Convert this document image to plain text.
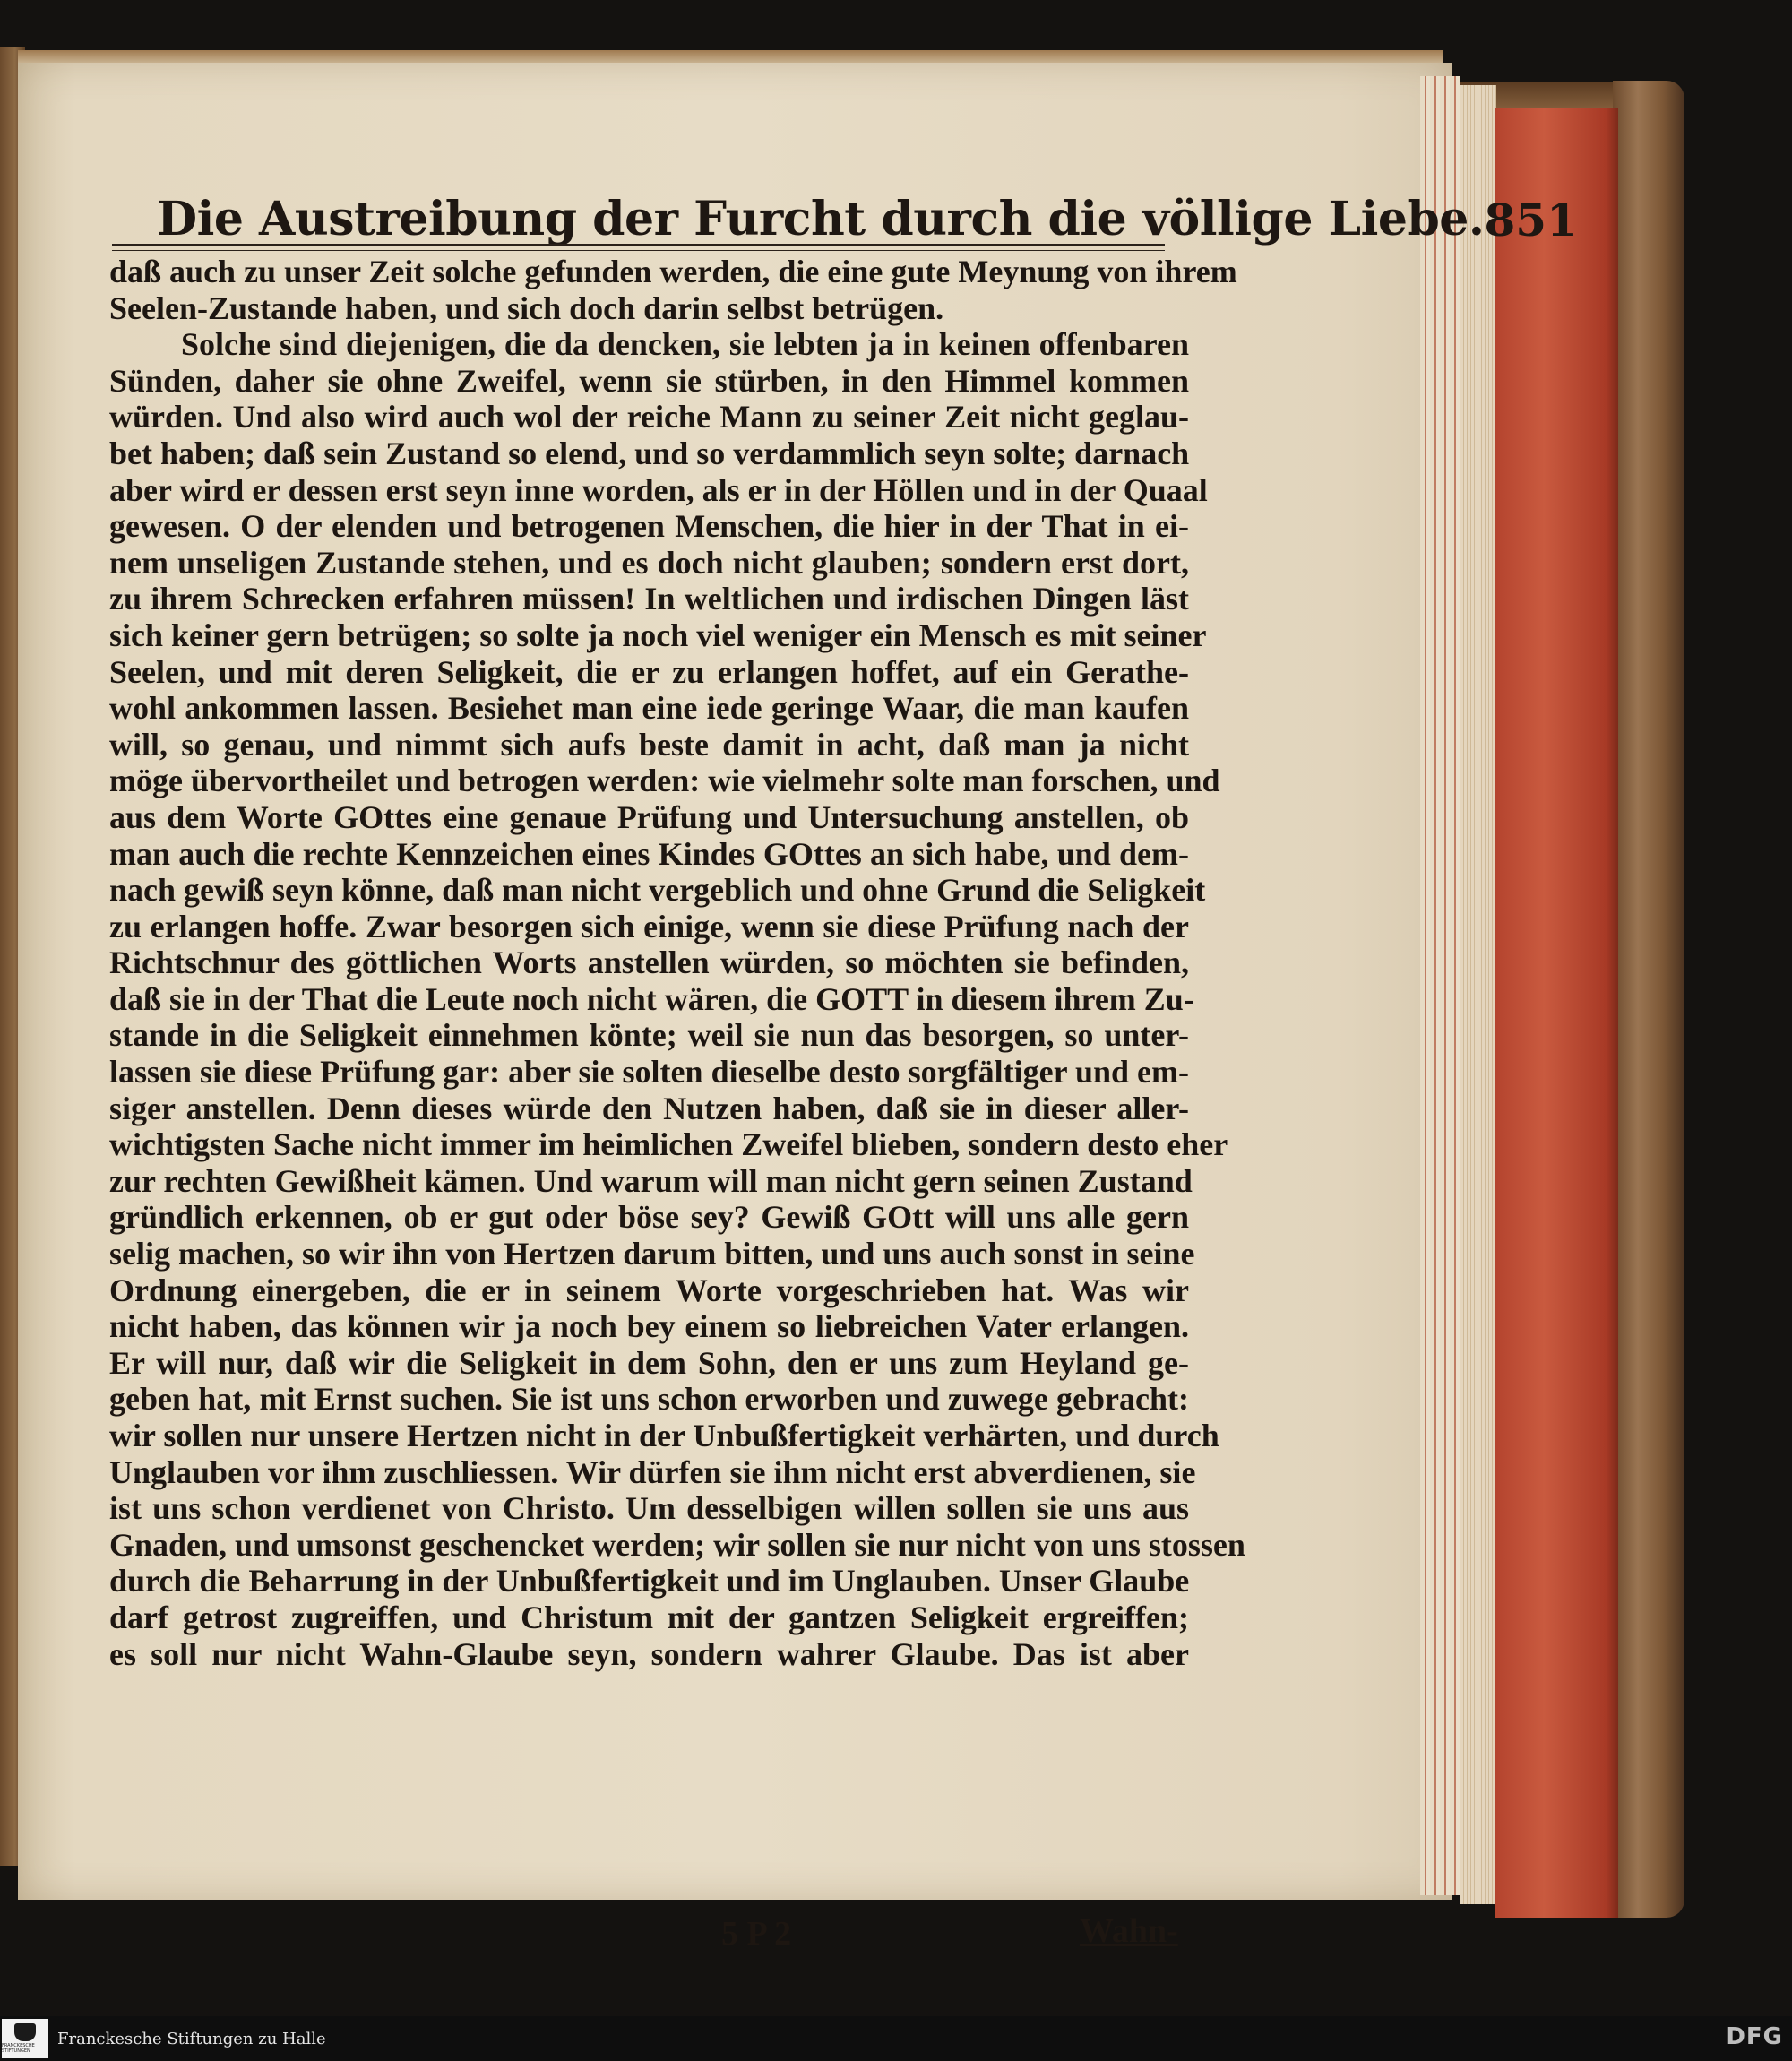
Die Austreibung der Furcht durch die völlige Liebe. 851
daß auch zu unser Zeit solche gefunden werden, die eine gute Meynung von ihrem
Seelen-Zustande haben, und sich doch darin selbst betrügen.
Solche sind diejenigen, die da dencken, sie lebten ja in keinen offenbaren
Sünden, daher sie ohne Zweifel, wenn sie stürben, in den Himmel kommen
würden. Und also wird auch wol der reiche Mann zu seiner Zeit nicht geglau-
bet haben; daß sein Zustand so elend, und so verdammlich seyn solte; darnach
aber wird er dessen erst seyn inne worden, als er in der Höllen und in der Quaal
gewesen. O der elenden und betrogenen Menschen, die hier in der That in ei-
nem unseligen Zustande stehen, und es doch nicht glauben; sondern erst dort,
zu ihrem Schrecken erfahren müssen! In weltlichen und irdischen Dingen läst
sich keiner gern betrügen; so solte ja noch viel weniger ein Mensch es mit seiner
Seelen, und mit deren Seligkeit, die er zu erlangen hoffet, auf ein Gerathe-
wohl ankommen lassen. Besiehet man eine iede geringe Waar, die man kaufen
will, so genau, und nimmt sich aufs beste damit in acht, daß man ja nicht
möge übervortheilet und betrogen werden: wie vielmehr solte man forschen, und
aus dem Worte GOttes eine genaue Prüfung und Untersuchung anstellen, ob
man auch die rechte Kennzeichen eines Kindes GOttes an sich habe, und dem-
nach gewiß seyn könne, daß man nicht vergeblich und ohne Grund die Seligkeit
zu erlangen hoffe. Zwar besorgen sich einige, wenn sie diese Prüfung nach der
Richtschnur des göttlichen Worts anstellen würden, so möchten sie befinden,
daß sie in der That die Leute noch nicht wären, die GOTT in diesem ihrem Zu-
stande in die Seligkeit einnehmen könte; weil sie nun das besorgen, so unter-
lassen sie diese Prüfung gar: aber sie solten dieselbe desto sorgfältiger und em-
siger anstellen. Denn dieses würde den Nutzen haben, daß sie in dieser aller-
wichtigsten Sache nicht immer im heimlichen Zweifel blieben, sondern desto eher
zur rechten Gewißheit kämen. Und warum will man nicht gern seinen Zustand
gründlich erkennen, ob er gut oder böse sey? Gewiß GOtt will uns alle gern
selig machen, so wir ihn von Hertzen darum bitten, und uns auch sonst in seine
Ordnung einergeben, die er in seinem Worte vorgeschrieben hat. Was wir
nicht haben, das können wir ja noch bey einem so liebreichen Vater erlangen.
Er will nur, daß wir die Seligkeit in dem Sohn, den er uns zum Heyland ge-
geben hat, mit Ernst suchen. Sie ist uns schon erworben und zuwege gebracht:
wir sollen nur unsere Hertzen nicht in der Unbußfertigkeit verhärten, und durch
Unglauben vor ihm zuschliessen. Wir dürfen sie ihm nicht erst abverdienen, sie
ist uns schon verdienet von Christo. Um desselbigen willen sollen sie uns aus
Gnaden, und umsonst geschencket werden; wir sollen sie nur nicht von uns stossen
durch die Beharrung in der Unbußfertigkeit und im Unglauben. Unser Glaube
darf getrost zugreiffen, und Christum mit der gantzen Seligkeit ergreiffen;
es soll nur nicht Wahn-Glaube seyn, sondern wahrer Glaube. Das ist aber
5 P 2	Wahn-
FRANCKESCHE STIFTUNGEN
Franckesche Stiftungen zu Halle	DFG
